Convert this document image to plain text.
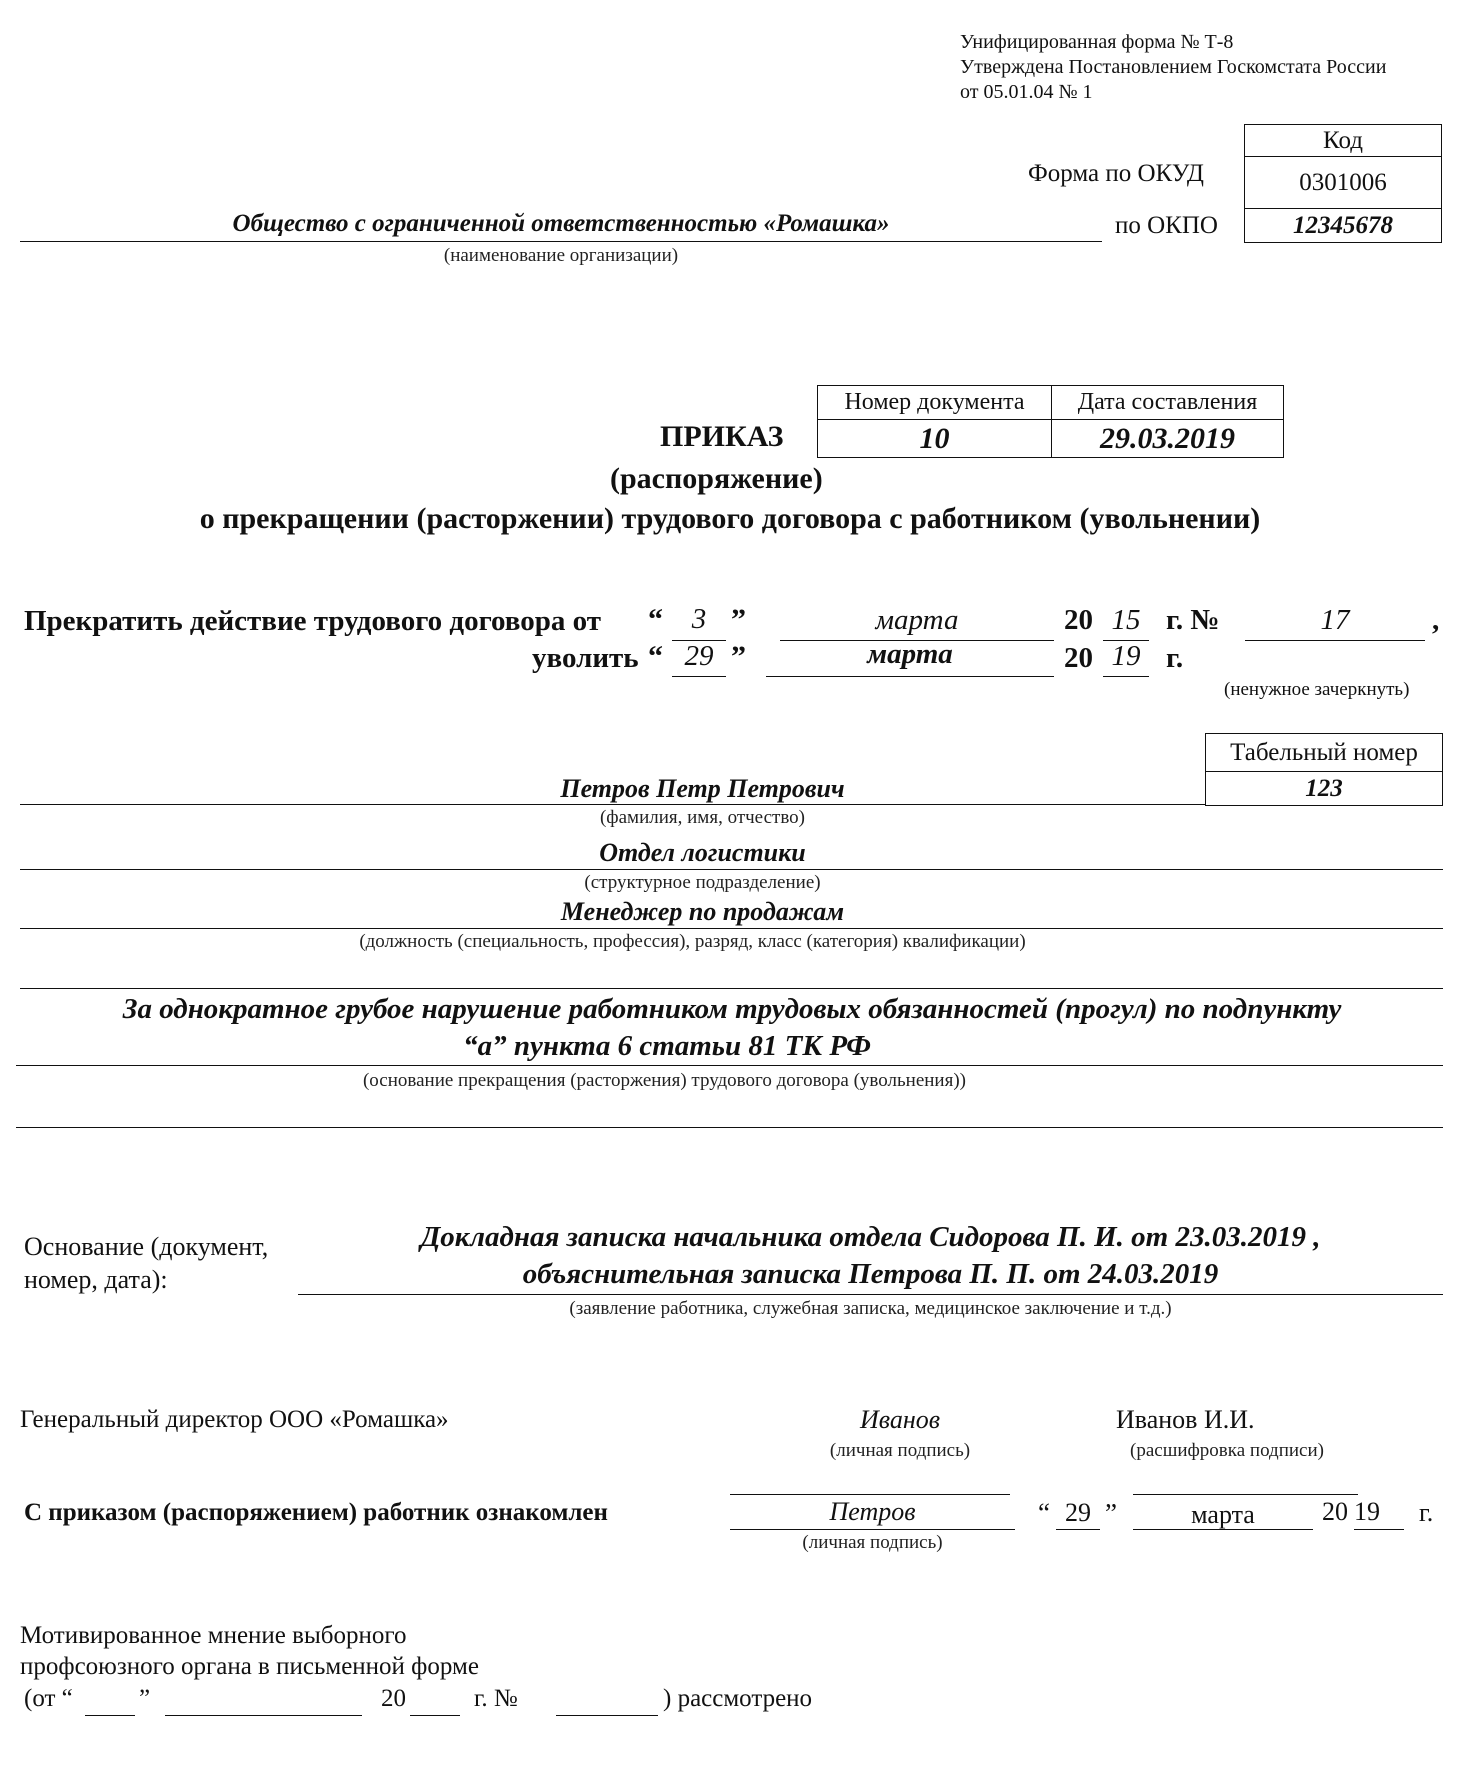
Унифицированная форма № Т-8
Утверждена Постановлением Госкомстата России
от 05.01.04 № 1
Код
0301006
12345678
Форма по ОКУД
по ОКПО
Общество с ограниченной ответственностью «Ромашка»
(наименование организации)
Номер документа	Дата составления
10	29.03.2019
ПРИКАЗ
(распоряжение)
о прекращении (расторжении) трудового договора с работником (увольнении)
Прекратить действие трудового договора от “ 3 ”	марта	20 15 г. №	17	,
уволить “ 29 ”	марта	20 19 г.
(ненужное зачеркнуть)
Табельный номер
123
Петров Петр Петрович
(фамилия, имя, отчество)
Отдел логистики
(структурное подразделение)
Менеджер по продажам
(должность (специальность, профессия), разряд, класс (категория) квалификации)
За однократное грубое нарушение работником трудовых обязанностей (прогул) по подпункту
“а” пункта 6 статьи 81 ТК РФ
(основание прекращения (расторжения) трудового договора (увольнения))
Основание (документ,
номер, дата):
Докладная записка начальника отдела Сидорова П. И. от 23.03.2019 ,
объяснительная записка Петрова П. П. от 24.03.2019
(заявление работника, служебная записка, медицинское заключение и т.д.)
Генеральный директор ООО «Ромашка»	Иванов
(личная подпись)
Иванов И.И.
(расшифровка подписи)
С приказом (распоряжением) работник ознакомлен	Петров
(личная подпись)
“ 29 ”	марта	20 19	г.
Мотивированное мнение выборного
профсоюзного органа в письменной форме
(от “	”	20	г. №	) рассмотрено
